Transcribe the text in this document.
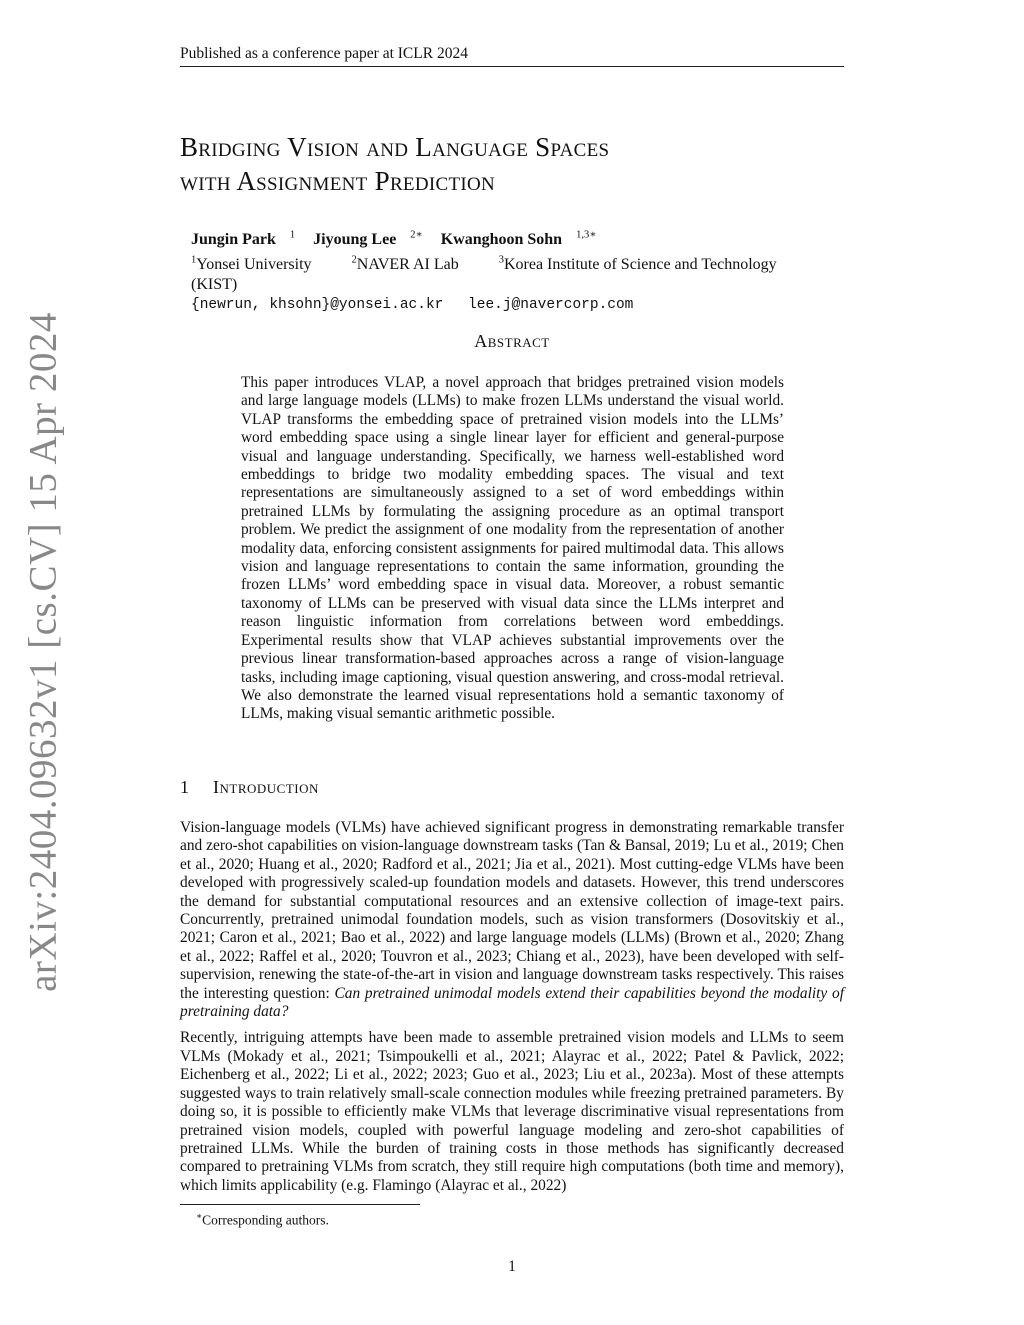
Published as a conference paper at ICLR 2024
arXiv:2404.09632v1 [cs.CV] 15 Apr 2024
Bridging Vision and Language Spaces
with Assignment Prediction
Jungin Park $^1$ Jiyoung Lee $^{2∗}$ Kwanghoon Sohn $^{1,3∗}$
$^1$Yonsei University	$^2$NAVER AI Lab	$^3$Korea Institute of Science and Technology (KIST)
{newrun, khsohn}@yonsei.ac.kr lee.j@navercorp.com
Abstract

This paper introduces VLAP, a novel approach that bridges pretrained vision models and large language models (LLMs) to make frozen LLMs understand the visual world. VLAP transforms the embedding space of pretrained vision models into the LLMs’ word embedding space using a single linear layer for efficient and general-purpose visual and language understanding. Specifically, we harness well-established word embeddings to bridge two modality embedding spaces. The visual and text representations are simultaneously assigned to a set of word embeddings within pretrained LLMs by formulating the assigning procedure as an optimal transport problem. We predict the assignment of one modality from the representation of another modality data, enforcing consistent assignments for paired multimodal data. This allows vision and language representations to contain the same information, grounding the frozen LLMs’ word embedding space in visual data. Moreover, a robust semantic taxonomy of LLMs can be preserved with visual data since the LLMs interpret and reason linguistic information from correlations between word embeddings. Experimental results show that VLAP achieves substantial improvements over the previous linear transformation-based approaches across a range of vision-language tasks, including image captioning, visual question answering, and cross-modal retrieval. We also demonstrate the learned visual representations hold a semantic taxonomy of LLMs, making visual semantic arithmetic possible.

1 Introduction

Vision-language models (VLMs) have achieved significant progress in demonstrating remarkable transfer and zero-shot capabilities on vision-language downstream tasks (Tan & Bansal, 2019; Lu et al., 2019; Chen et al., 2020; Huang et al., 2020; Radford et al., 2021; Jia et al., 2021). Most cutting-edge VLMs have been developed with progressively scaled-up foundation models and datasets. However, this trend underscores the demand for substantial computational resources and an extensive collection of image-text pairs. Concurrently, pretrained unimodal foundation models, such as vision transformers (Dosovitskiy et al., 2021; Caron et al., 2021; Bao et al., 2022) and large language models (LLMs) (Brown et al., 2020; Zhang et al., 2022; Raffel et al., 2020; Touvron et al., 2023; Chiang et al., 2023), have been developed with self-supervision, renewing the state-of-the-art in vision and language downstream tasks respectively. This raises the interesting question: Can pretrained unimodal models extend their capabilities beyond the modality of pretraining data?

Recently, intriguing attempts have been made to assemble pretrained vision models and LLMs to seem VLMs (Mokady et al., 2021; Tsimpoukelli et al., 2021; Alayrac et al., 2022; Patel & Pavlick, 2022; Eichenberg et al., 2022; Li et al., 2022; 2023; Guo et al., 2023; Liu et al., 2023a). Most of these attempts suggested ways to train relatively small-scale connection modules while freezing pretrained parameters. By doing so, it is possible to efficiently make VLMs that leverage discriminative visual representations from pretrained vision models, coupled with powerful language modeling and zero-shot capabilities of pretrained LLMs. While the burden of training costs in those methods has significantly decreased compared to pretraining VLMs from scratch, they still require high computations (both time and memory), which limits applicability (e.g. Flamingo (Alayrac et al., 2022)

∗Corresponding authors.
1
